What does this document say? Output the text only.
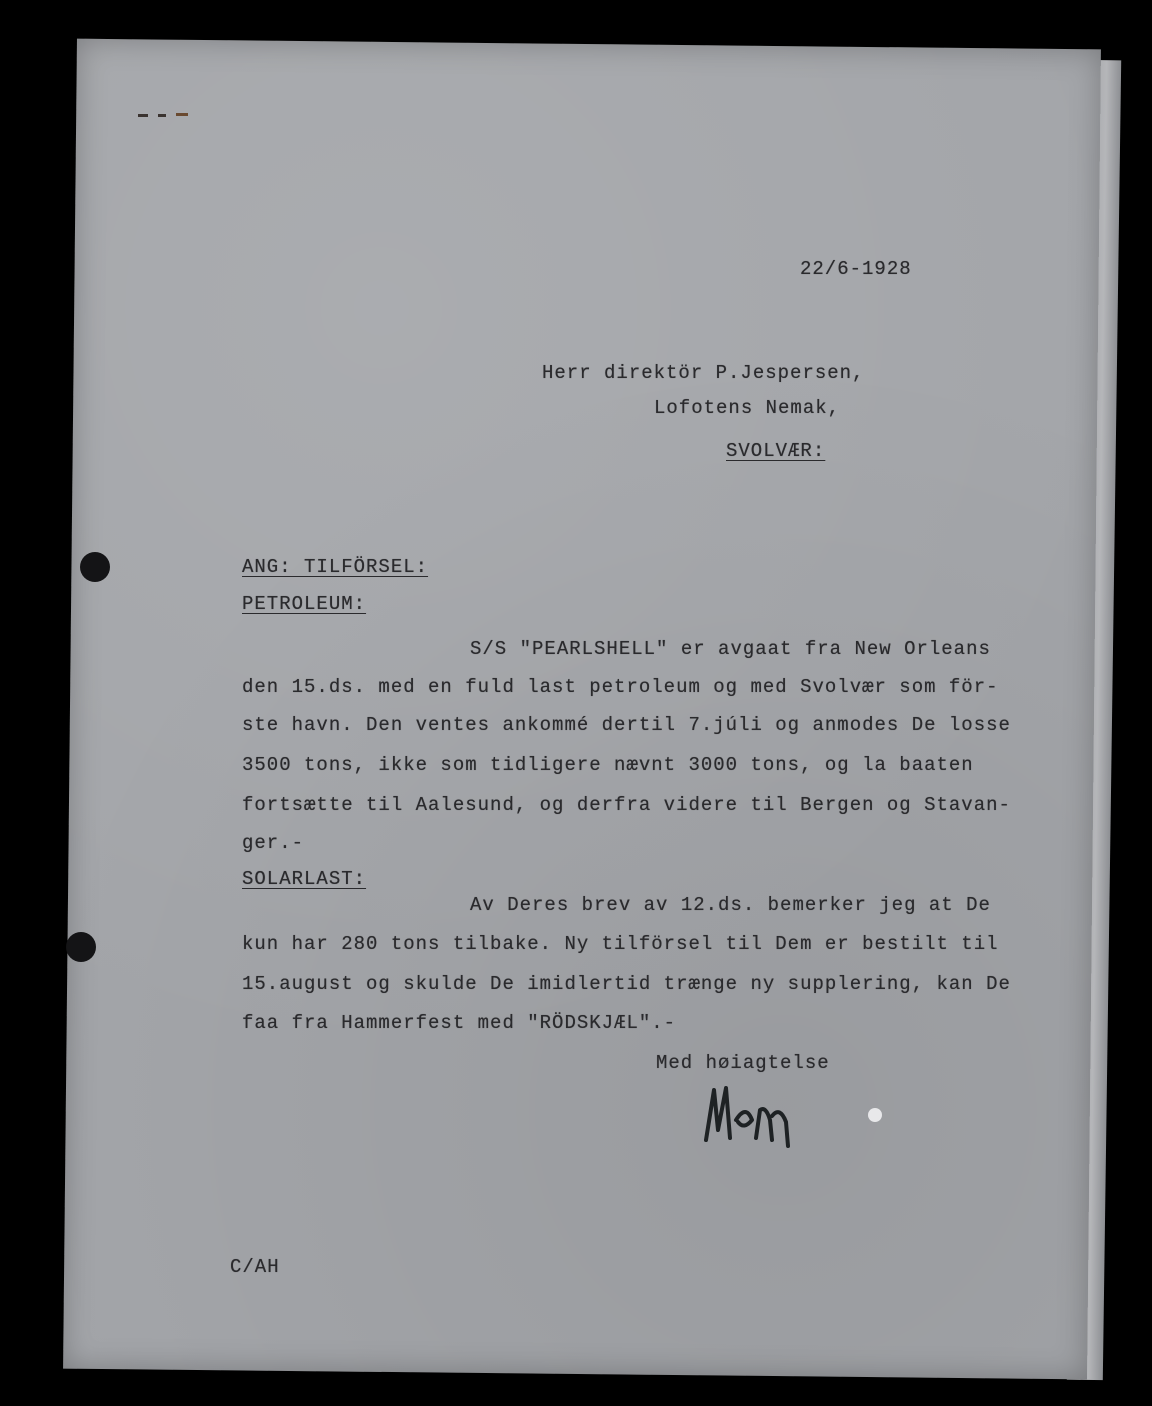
22/6-1928
Herr direktör P.Jespersen,
Lofotens Nemak,
SVOLVÆR:
ANG: TILFÖRSEL:
PETROLEUM:
S/S "PEARLSHELL" er avgaat fra New Orleans
den 15.ds. med en fuld last petroleum og med Svolvær som för-
ste havn. Den ventes ankommé dertil 7.júli og anmodes De losse
3500 tons, ikke som tidligere nævnt 3000 tons, og la baaten
fortsætte til Aalesund, og derfra videre til Bergen og Stavan-
ger.-
SOLARLAST:
Av Deres brev av 12.ds. bemerker jeg at De
kun har 280 tons tilbake. Ny tilförsel til Dem er bestilt til
15.august og skulde De imidlertid trænge ny supplering, kan De
faa fra Hammerfest med "RÖDSKJÆL".-
Med høiagtelse
C/AH
